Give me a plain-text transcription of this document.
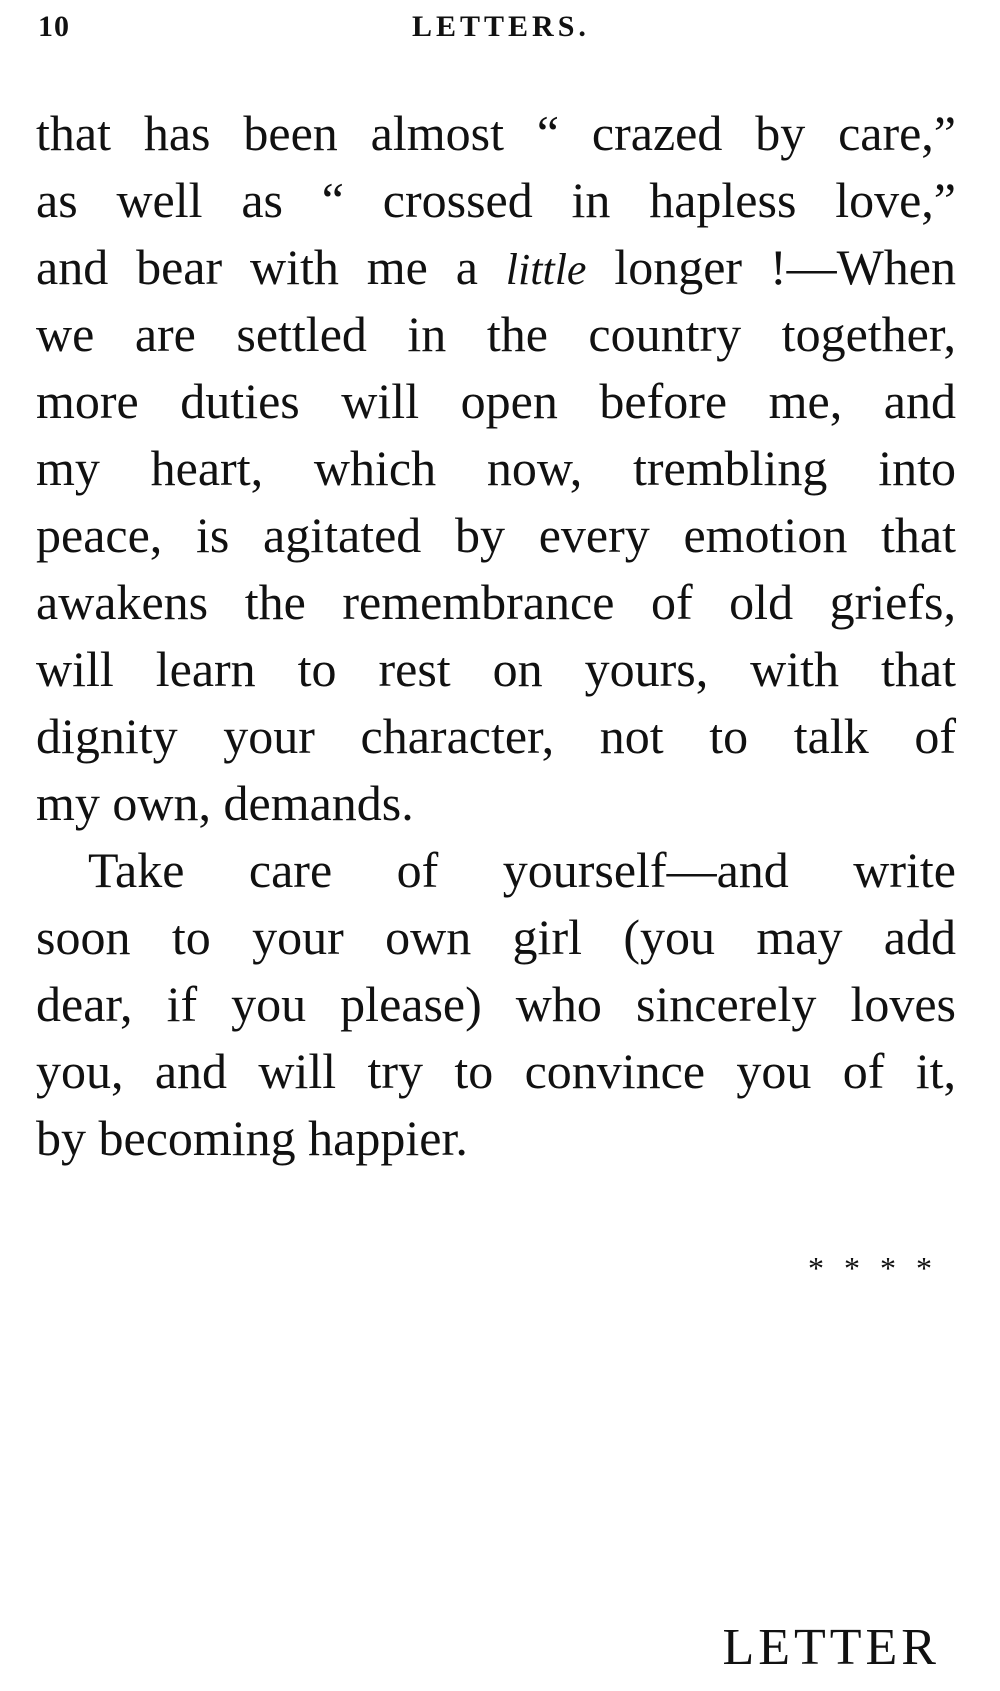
10	LETTERS.
that has been almost “ crazed by care,”
as well as “ crossed in hapless love,”
and bear with me a little longer !—When
we are settled in the country together,
more duties will open before me, and
my heart, which now, trembling into
peace, is agitated by every emotion that
awakens the remembrance of old griefs,
will learn to rest on yours, with that
dignity your character, not to talk of
my own, demands.
Take care of yourself—and write
soon to your own girl (you may add
dear, if you please) who sincerely loves
you, and will try to convince you of it,
by becoming happier.
* * * *
LETTER
